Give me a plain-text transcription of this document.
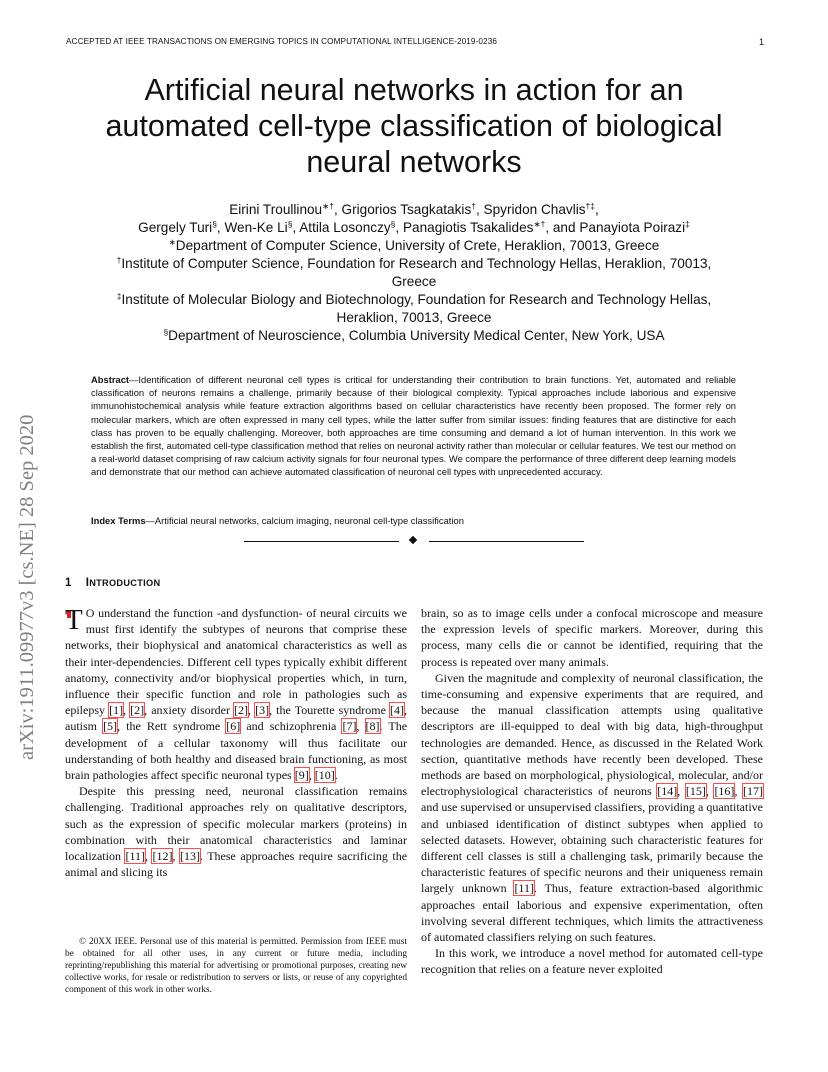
ACCEPTED AT IEEE TRANSACTIONS ON EMERGING TOPICS IN COMPUTATIONAL INTELLIGENCE-2019-0236	1
arXiv:1911.09977v3 [cs.NE] 28 Sep 2020
Artificial neural networks in action for an
automated cell-type classification of biological
neural networks
Eirini Troullinou∗†, Grigorios Tsagkatakis†, Spyridon Chavlis†‡,
Gergely Turi§, Wen-Ke Li§, Attila Losonczy§, Panagiotis Tsakalides∗†, and Panayiota Poirazi‡
∗Department of Computer Science, University of Crete, Heraklion, 70013, Greece
†Institute of Computer Science, Foundation for Research and Technology Hellas, Heraklion, 70013,
Greece
‡Institute of Molecular Biology and Biotechnology, Foundation for Research and Technology Hellas,
Heraklion, 70013, Greece
§Department of Neuroscience, Columbia University Medical Center, New York, USA
Abstract—Identification of different neuronal cell types is critical for understanding their contribution to brain functions. Yet, automated and reliable classification of neurons remains a challenge, primarily because of their biological complexity. Typical approaches include laborious and expensive immunohistochemical analysis while feature extraction algorithms based on cellular characteristics have recently been proposed. The former rely on molecular markers, which are often expressed in many cell types, while the latter suffer from similar issues: finding features that are distinctive for each class has proven to be equally challenging. Moreover, both approaches are time consuming and demand a lot of human intervention. In this work we establish the first, automated cell-type classification method that relies on neuronal activity rather than molecular or cellular features. We test our method on a real-world dataset comprising of raw calcium activity signals for four neuronal types. We compare the performance of three different deep learning models and demonstrate that our method can achieve automated classification of neuronal cell types with unprecedented accuracy.
Index Terms—Artificial neural networks, calcium imaging, neuronal cell-type classification
1 INTRODUCTION

T O understand the function -and dysfunction- of neural circuits we must first identify the subtypes of neurons that comprise these networks, their biophysical and anatomical characteristics as well as their inter-dependencies. Different cell types typically exhibit different anatomy, connectivity and/or biophysical properties which, in turn, influence their specific function and role in pathologies such as epilepsy [1], [2], anxiety disorder [2], [3], the Tourette syndrome [4], autism [5], the Rett syndrome [6] and schizophrenia [7], [8]. The development of a cellular taxonomy will thus facilitate our understanding of both healthy and diseased brain functioning, as most brain pathologies affect specific neuronal types [9], [10].

Despite this pressing need, neuronal classification remains challenging. Traditional approaches rely on qualitative descriptors, such as the expression of specific molecular markers (proteins) in combination with their anatomical characteristics and laminar localization [11], [12], [13]. These approaches require sacrificing the animal and slicing its

© 20XX IEEE. Personal use of this material is permitted. Permission from IEEE must be obtained for all other uses, in any current or future media, including reprinting/republishing this material for advertising or promotional purposes, creating new collective works, for resale or redistribution to servers or lists, or reuse of any copyrighted component of this work in other works.

brain, so as to image cells under a confocal microscope and measure the expression levels of specific markers. Moreover, during this process, many cells die or cannot be identified, requiring that the process is repeated over many animals.

Given the magnitude and complexity of neuronal classification, the time-consuming and expensive experiments that are required, and because the manual classification attempts using qualitative descriptors are ill-equipped to deal with big data, high-throughput technologies are demanded. Hence, as discussed in the Related Work section, quantitative methods have recently been developed. These methods are based on morphological, physiological, molecular, and/or electrophysiological characteristics of neurons [14], [15], [16], [17] and use supervised or unsupervised classifiers, providing a quantitative and unbiased identification of distinct subtypes when applied to selected datasets. However, obtaining such characteristic features for different cell classes is still a challenging task, primarily because the characteristic features of specific neurons and their uniqueness remain largely unknown [11]. Thus, feature extraction-based algorithmic approaches entail laborious and expensive experimentation, often involving several different techniques, which limits the attractiveness of automated classifiers relying on such features.

In this work, we introduce a novel method for automated cell-type recognition that relies on a feature never exploited
